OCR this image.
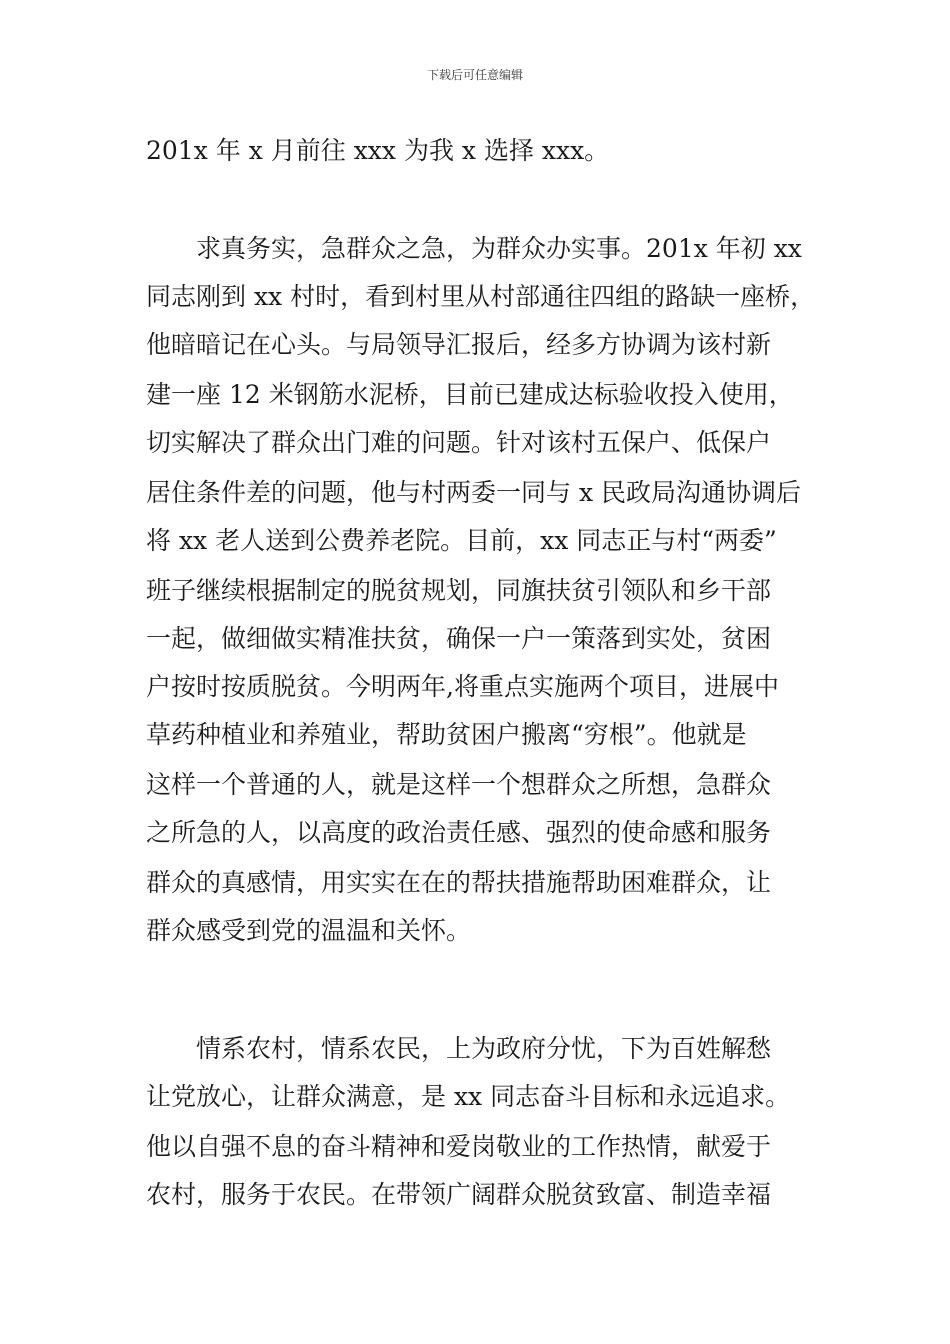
下载后可任意编辑
201x 年 x 月前往 xxx 为我 x 选择 xxx。
求真务实，急群众之急，为群众办实事。201x 年初 xx
同志刚到 xx 村时，看到村里从村部通往四组的路缺一座桥，
他暗暗记在心头。与局领导汇报后，经多方协调为该村新
建一座 12 米钢筋水泥桥，目前已建成达标验收投入使用，
切实解决了群众出门难的问题。针对该村五保户、低保户
居住条件差的问题，他与村两委一同与 x 民政局沟通协调后
将 xx 老人送到公费养老院。目前，xx 同志正与村“两委”
班子继续根据制定的脱贫规划，同旗扶贫引领队和乡干部
一起，做细做实精准扶贫，确保一户一策落到实处，贫困
户按时按质脱贫。今明两年,将重点实施两个项目，进展中
草药种植业和养殖业，帮助贫困户搬离“穷根”。他就是
这样一个普通的人，就是这样一个想群众之所想，急群众
之所急的人，以高度的政治责任感、强烈的使命感和服务
群众的真感情，用实实在在的帮扶措施帮助困难群众，让
群众感受到党的温温和关怀。
情系农村，情系农民，上为政府分忧，下为百姓解愁
让党放心，让群众满意，是 xx 同志奋斗目标和永远追求。
他以自强不息的奋斗精神和爱岗敬业的工作热情，献爱于
农村，服务于农民。在带领广阔群众脱贫致富、制造幸福
